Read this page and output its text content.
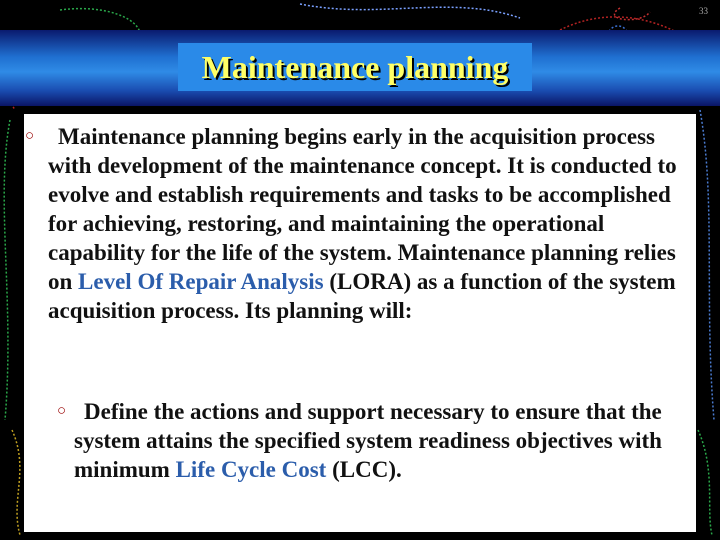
33
Maintenance planning
○	Maintenance planning begins early in the acquisition process with development of the maintenance concept. It is conducted to evolve and establish requirements and tasks to be accomplished for achieving, restoring, and maintaining the operational capability for the life of the system. Maintenance planning relies on Level Of Repair Analysis (LORA) as a function of the system acquisition process. Its planning will:
○ Define the actions and support necessary to ensure that the system attains the specified system readiness objectives with minimum Life Cycle Cost (LCC).
